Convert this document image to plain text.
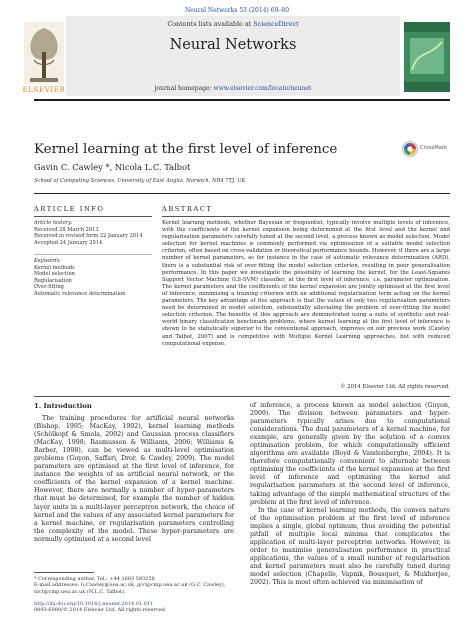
Neural Networks 53 (2014) 69–80
Contents lists available at ScienceDirect
Neural Networks
journal homepage: www.elsevier.com/locate/neunet
ELSEVIER
Kernel learning at the first level of inference	CrossMark
Gavin C. Cawley *, Nicola L.C. Talbot
School of Computing Sciences, University of East Anglia, Norwich, NR4 7TJ, UK
ARTICLE INFO	ABSTRACT
Article history:
Received 28 March 2013
Received in revised form 22 January 2014
Accepted 24 January 2014
Keywords:
Kernel methods
Model selection
Regularisation
Over-fitting
Automatic relevance determination
Kernel learning methods, whether Bayesian or frequentist, typically involve multiple levels of inference, with the coefficients of the kernel expansion being determined at the first level and the kernel and regularisation parameters carefully tuned at the second level, a process known as model selection. Model selection for kernel machines is commonly performed via optimisation of a suitable model selection criterion, often based on cross-validation or theoretical performance bounds. However, if there are a large number of kernel parameters, as for instance in the case of automatic relevance determination (ARD), there is a substantial risk of over-fitting the model selection criterion, resulting in poor generalisation performance. In this paper we investigate the possibility of learning the kernel, for the Least-Squares Support Vector Machine (LS-SVM) classifier, at the first level of inference, i.e. parameter optimisation. The kernel parameters and the coefficients of the kernel expansion are jointly optimised at the first level of inference, minimising a training criterion with an additional regularisation term acting on the kernel parameters. The key advantage of this approach is that the values of only two regularisation parameters need be determined in model selection, substantially alleviating the problem of over-fitting the model selection criterion. The benefits of this approach are demonstrated using a suite of synthetic and real-world binary classification benchmark problems, where kernel learning at the first level of inference is shown to be statistically superior to the conventional approach, improves on our previous work (Cawley and Talbot, 2007) and is competitive with Multiple Kernel Learning approaches, but with reduced computational expense.
© 2014 Elsevier Ltd. All rights reserved.
1. Introduction
The training procedures for artificial neural networks (Bishop, 1995; MacKay, 1992), kernel learning methods (Schölkopf & Smola, 2002) and Gaussian process classifiers (MacKay, 1998; Rasmussen & Williams, 2006; Williams & Barber, 1998), can be viewed as multi-level optimisation problems (Guyon, Saffari, Dror, & Cawley, 2009). The model parameters are optimised at the first level of inference, for instance the weights of an artificial neural network, or the coefficients of the kernel expansion of a kernel machine. However, there are normally a number of hyper-parameters that must be determined, for example the number of hidden layer units in a multi-layer perceptron network, the choice of kernel and the values of any associated kernel parameters for a kernel machine, or regularisation parameters controlling the complexity of the model. These hyper-parameters are normally optimised at a second level

of inference, a process known as model selection (Guyon, 2009). The division between parameters and hyper-parameters typically arises due to computational considerations. The dual parameters of a kernel machine, for example, are generally given by the solution of a convex optimisation problem, for which computationally efficient algorithms are available (Boyd & Vandenberghe, 2004). It is therefore computationally convenient to alternate between optimising the coefficients of the kernel expansion at the first level of inference and optimising the kernel and regularisation parameters at the second level of inference, taking advantage of the simple mathematical structure of the problem at the first level of inference.

In the case of kernel learning methods, the convex nature of the optimisation problem at the first level of inference implies a single, global optimum, thus avoiding the potential pitfall of multiple local minima that complicates the application of multi-layer perceptron networks. However, in order to maximise generalisation performance in practical applications, the values of a small number of regularisation and kernel parameters must also be carefully tuned during model selection (Chapelle, Vapnik, Bousquet, & Mukherjee, 2002). This is most often achieved via minimisation of

* Corresponding author. Tel.: +44 1603 593258.
E-mail addresses: G.Cawley@uea.ac.uk, gcc@cmp.uea.ac.uk (G.C. Cawley),
nlct@cmp.uea.ac.uk (N.L.C. Talbot).
http://dx.doi.org/10.1016/j.neunet.2014.01.011
0893-6080/© 2014 Elsevier Ltd. All rights reserved.
